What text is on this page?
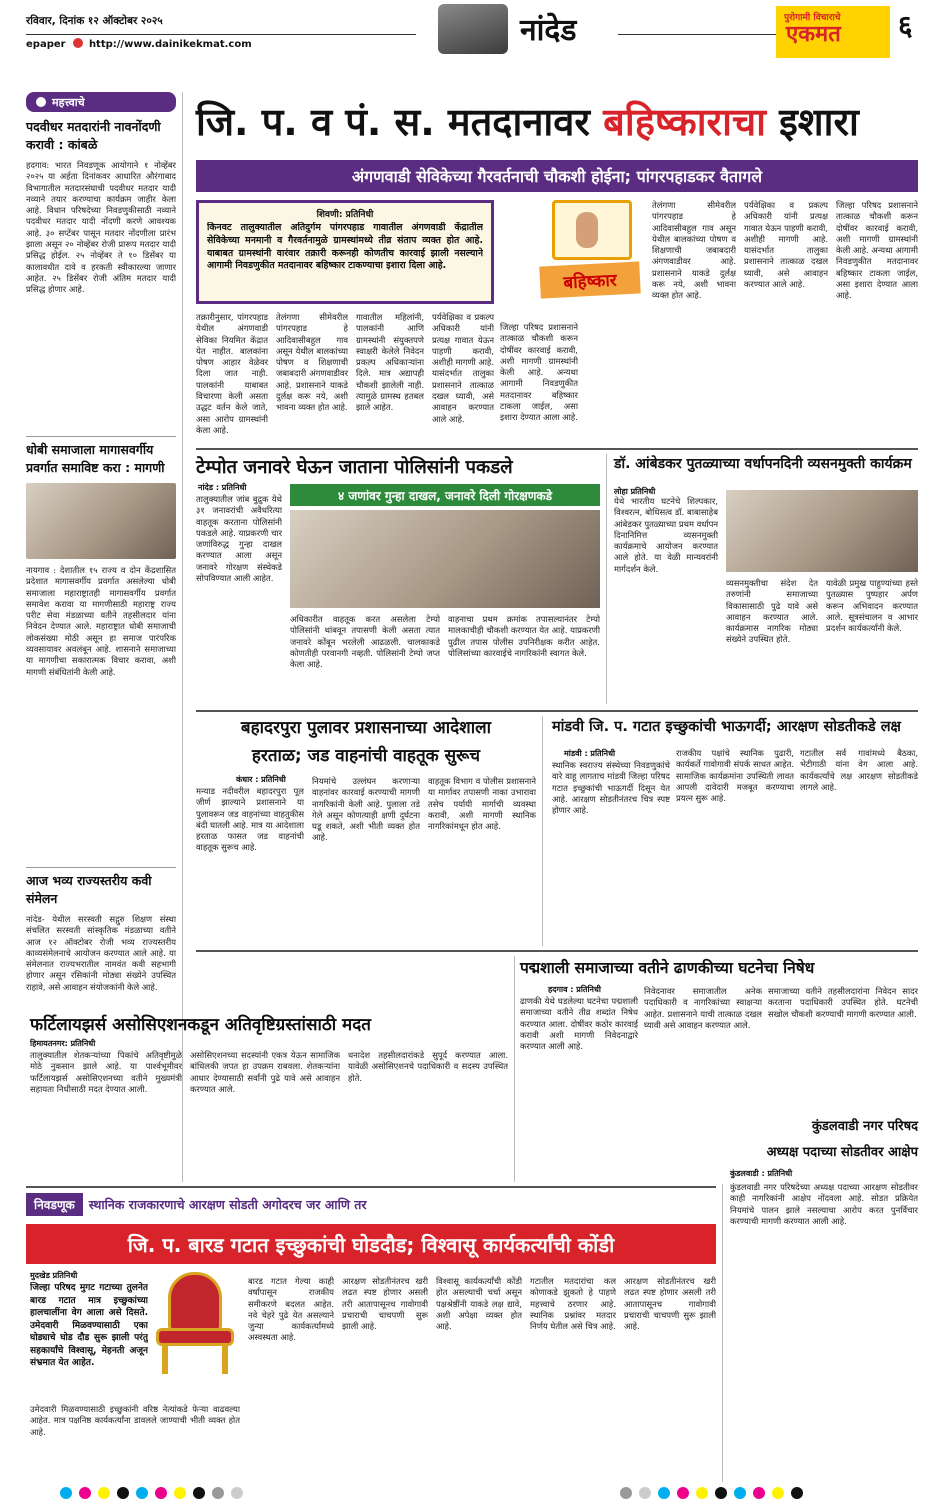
रविवार, दिनांक १२ ऑक्टोबर २०२५
epaper http://www.dainikekmat.com	नांदेड	पुरोगामी विचाराचे
एकमत	६
महत्त्वाचे
पदवीधर मतदारांनी नावनोंदणी करावी : कांबळे
हदगाव: भारत निवडणूक आयोगाने १ नोव्हेंबर २०२५ या अर्हता दिनांकवर आधारित औरंगाबाद विभागातील मतदारसंघाची पदवीधर मतदार यादी नव्याने तयार करण्याचा कार्यक्रम जाहीर केला आहे. विधान परिषदेच्या निवडणुकीसाठी नव्याने पदवीधर मतदार यादी नोंदणी करणे आवश्यक आहे. ३० सप्टेंबर पासून मतदार नोंदणीला प्रारंभ झाला असून २० नोव्हेंबर रोजी प्रारूप मतदार यादी प्रसिद्ध होईल. २५ नोव्हेंबर ते १० डिसेंबर या कालावधीत दावे व हरकती स्वीकारल्या जाणार आहेत. २५ डिसेंबर रोजी अंतिम मतदार यादी प्रसिद्ध होणार आहे.
धोबी समाजाला मागासवर्गीय प्रवर्गात समाविष्ट करा : मागणी
नायगाव : देशातील १५ राज्य व दोन केंद्रशासित प्रदेशात मागासवर्गीय प्रवर्गात असलेल्या धोबी समाजाला महाराष्ट्रातही मागासवर्गीय प्रवर्गात समावेश करावा या मागणीसाठी महाराष्ट्र राज्य परीट सेवा मंडळाच्या वतीने तहसीलदार यांना निवेदन देण्यात आले. महाराष्ट्रात धोबी समाजाची लोकसंख्या मोठी असून हा समाज पारंपरिक व्यवसायावर अवलंबून आहे. शासनाने समाजाच्या या मागणीचा सकारात्मक विचार करावा, अशी मागणी संबंधितांनी केली आहे.
आज भव्य राज्यस्तरीय कवी संमेलन
नांदेड- येथील सरस्वती सद्गुरु शिक्षण संस्था संचलित सरस्वती सांस्कृतिक मंडळाच्या वतीने आज १२ ऑक्टोबर रोजी भव्य राज्यस्तरीय काव्यसंमेलनाचे आयोजन करण्यात आले आहे. या संमेलनात राज्यभरातील नामवंत कवी सहभागी होणार असून रसिकांनी मोठ्या संख्येने उपस्थित राहावे, असे आवाहन संयोजकांनी केले आहे.
जि. प. व पं. स. मतदानावर बहिष्काराचा इशारा
अंगणवाडी सेविकेच्या गैरवर्तनाची चौकशी होईना; पांगरपहाडकर वैतागले
शिवणी: प्रतिनिधी
किनवट तालुक्यातील अतिदुर्गम पांगरपहाड गावातील अंगणवाडी केंद्रातील सेविकेच्या मनमानी व गैरवर्तनामुळे ग्रामस्थांमध्ये तीव्र संताप व्यक्त होत आहे. याबाबत ग्रामस्थांनी वारंवार तक्रारी करूनही कोणतीच कारवाई झाली नसल्याने आगामी निवडणुकीत मतदानावर बहिष्कार टाकण्याचा इशारा दिला आहे.
बहिष्कार
तक्रारीनुसार, पांगरपहाड येथील अंगणवाडी सेविका नियमित केंद्रात येत नाहीत. बालकांना पोषण आहार वेळेवर दिला जात नाही. पालकांनी याबाबत विचारणा केली असता उद्धट वर्तन केले जाते, असा आरोप ग्रामस्थांनी केला आहे.
तेलंगणा सीमेवरील पांगरपहाड हे आदिवासीबहुल गाव असून येथील बालकांच्या पोषण व शिक्षणाची जबाबदारी अंगणवाडीवर आहे. प्रशासनाने याकडे दुर्लक्ष करू नये, अशी भावना व्यक्त होत आहे.
गावातील महिलांनी, पालकांनी आणि ग्रामस्थांनी संयुक्तपणे स्वाक्षरी केलेले निवेदन प्रकल्प अधिकाऱ्यांना दिले. मात्र अद्यापही चौकशी झालेली नाही. त्यामुळे ग्रामस्थ हतबल झाले आहेत.
पर्यवेक्षिका व प्रकल्प अधिकारी यांनी प्रत्यक्ष गावात येऊन पाहणी करावी, अशीही मागणी आहे. यासंदर्भात तालुका प्रशासनाने तात्काळ दखल घ्यावी, असे आवाहन करण्यात आले आहे.
जिल्हा परिषद प्रशासनाने तात्काळ चौकशी करून दोषींवर कारवाई करावी, अशी मागणी ग्रामस्थांनी केली आहे. अन्यथा आगामी निवडणुकीत मतदानावर बहिष्कार टाकला जाईल, असा इशारा देण्यात आला आहे.
तेलंगणा सीमेवरील पांगरपहाड हे आदिवासीबहुल गाव असून येथील बालकांच्या पोषण व शिक्षणाची जबाबदारी अंगणवाडीवर आहे. प्रशासनाने याकडे दुर्लक्ष करू नये, अशी भावना व्यक्त होत आहे.
पर्यवेक्षिका व प्रकल्प अधिकारी यांनी प्रत्यक्ष गावात येऊन पाहणी करावी, अशीही मागणी आहे. यासंदर्भात तालुका प्रशासनाने तात्काळ दखल घ्यावी, असे आवाहन करण्यात आले आहे.
जिल्हा परिषद प्रशासनाने तात्काळ चौकशी करून दोषींवर कारवाई करावी, अशी मागणी ग्रामस्थांनी केली आहे. अन्यथा आगामी निवडणुकीत मतदानावर बहिष्कार टाकला जाईल, असा इशारा देण्यात आला आहे.
टेम्पोत जनावरे घेऊन जाताना पोलिसांनी पकडले
नांदेड : प्रतिनिधी
४ जणांवर गुन्हा दाखल, जनावरे दिली गोरक्षणकडे
तालुक्यातील जांब बुद्रुक येथे ३१ जनावरांची अवैधरित्या वाहतूक करताना पोलिसांनी पकडले आहे. याप्रकरणी चार जणांविरुद्ध गुन्हा दाखल करण्यात आला असून जनावरे गोरक्षण संस्थेकडे सोपविण्यात आली आहेत.
अधिकारीत वाहतूक करत असलेला टेम्पो पोलिसांनी थांबवून तपासणी केली असता त्यात जनावरे कोंबून भरलेली आढळली. चालकाकडे कोणतीही परवानगी नव्हती. पोलिसांनी टेम्पो जप्त केला आहे.
वाहनाचा प्रथम क्रमांक तपासल्यानंतर टेम्पो मालकाचीही चौकशी करण्यात येत आहे. याप्रकरणी पुढील तपास पोलीस उपनिरीक्षक करीत आहेत. पोलिसांच्या कारवाईचे नागरिकांनी स्वागत केले.
येथे भारतीय घटनेचे शिल्पकार, विश्वरत्न, बोधिसत्व डॉ. बाबासाहेब आंबेडकर पुतळ्याच्या प्रथम वर्धापन दिनानिमित्त व्यसनमुक्ती कार्यक्रमाचे आयोजन करण्यात आले होते. या वेळी मान्यवरांनी मार्गदर्शन केले.
डॉ. आंबेडकर पुतळ्याच्या वर्धापनदिनी व्यसनमुक्ती कार्यक्रम
लोहा प्रतिनिधी
व्यसनमुक्तीचा संदेश देत तरुणांनी समाजाच्या विकासासाठी पुढे यावे असे आवाहन करण्यात आले. कार्यक्रमास नागरिक मोठ्या संख्येने उपस्थित होते.
यावेळी प्रमुख पाहुण्यांच्या हस्ते पुतळ्यास पुष्पहार अर्पण करून अभिवादन करण्यात आले. सूत्रसंचालन व आभार प्रदर्शन कार्यकर्त्यांनी केले.
बहादरपुरा पुलावर प्रशासनाच्या आदेशाला
हरताळ; जड वाहनांची वाहतूक सुरूच
कंधार : प्रतिनिधी
मन्याड नदीवरील बहादरपुरा पूल जीर्ण झाल्याने प्रशासनाने या पुलावरून जड वाहनांच्या वाहतुकीस बंदी घातली आहे. मात्र या आदेशाला हरताळ फासत जड वाहनांची वाहतूक सुरूच आहे.
नियमांचे उल्लंघन करणाऱ्या वाहनांवर कारवाई करण्याची मागणी नागरिकांनी केली आहे. पुलाला तडे गेले असून कोणत्याही क्षणी दुर्घटना घडू शकते, अशी भीती व्यक्त होत आहे.
वाहतूक विभाग व पोलीस प्रशासनाने या मार्गावर तपासणी नाका उभारावा तसेच पर्यायी मार्गाची व्यवस्था करावी, अशी मागणी स्थानिक नागरिकांमधून होत आहे.
मांडवी जि. प. गटात इच्छुकांची भाऊगर्दी; आरक्षण सोडतीकडे लक्ष
मांडवी : प्रतिनिधी
स्थानिक स्वराज्य संस्थेच्या निवडणुकांचे वारे वाहू लागताच मांडवी जिल्हा परिषद गटात इच्छुकांची भाऊगर्दी दिसून येत आहे. आरक्षण सोडतीनंतरच चित्र स्पष्ट होणार आहे.
राजकीय पक्षांचे स्थानिक पुढारी, कार्यकर्ते गावोगावी संपर्क साधत आहेत. सामाजिक कार्यक्रमांना उपस्थिती लावत आपली दावेदारी मजबूत करण्याचा प्रयत्न सुरू आहे.
गटातील सर्व गावांमध्ये बैठका, भेटीगाठी यांना वेग आला आहे. कार्यकर्त्यांचे लक्ष आरक्षण सोडतीकडे लागले आहे.
पद्मशाली समाजाच्या वतीने ढाणकीच्या घटनेचा निषेध
हदगाव : प्रतिनिधी
ढाणकी येथे घडलेल्या घटनेचा पद्मशाली समाजाच्या वतीने तीव्र शब्दांत निषेध करण्यात आला. दोषींवर कठोर कारवाई करावी अशी मागणी निवेदनाद्वारे करण्यात आली आहे.
निवेदनावर समाजातील अनेक पदाधिकारी व नागरिकांच्या स्वाक्षऱ्या आहेत. प्रशासनाने याची तात्काळ दखल घ्यावी असे आवाहन करण्यात आले.
समाजाच्या वतीने तहसीलदारांना निवेदन सादर करताना पदाधिकारी उपस्थित होते. घटनेची सखोल चौकशी करण्याची मागणी करण्यात आली.
फर्टिलायझर्स असोसिएशनकडून अतिवृष्टिग्रस्तांसाठी मदत
हिमायतनगर: प्रतिनिधी
तालुक्यातील शेतकऱ्यांच्या पिकांचे अतिवृष्टीमुळे मोठे नुकसान झाले आहे. या पार्श्वभूमीवर फर्टिलायझर्स असोसिएशनच्या वतीने मुख्यमंत्री सहायता निधीसाठी मदत देण्यात आली.
असोसिएशनच्या सदस्यांनी एकत्र येऊन सामाजिक बांधिलकी जपत हा उपक्रम राबवला. शेतकऱ्यांना आधार देण्यासाठी सर्वांनी पुढे यावे असे आवाहन करण्यात आले.
धनादेश तहसीलदारांकडे सुपूर्द करण्यात आला. यावेळी असोसिएशनचे पदाधिकारी व सदस्य उपस्थित होते.
कुंडलवाडी नगर परिषद
अध्यक्ष पदाच्या सोडतीवर आक्षेप
कुंडलवाडी : प्रतिनिधी
कुंडलवाडी नगर परिषदेच्या अध्यक्ष पदाच्या आरक्षण सोडतीवर काही नागरिकांनी आक्षेप नोंदवला आहे. सोडत प्रक्रियेत नियमांचे पालन झाले नसल्याचा आरोप करत पुनर्विचार करण्याची मागणी करण्यात आली आहे.
निवडणूक	स्थानिक राजकारणाचे आरक्षण सोडती अगोदरच जर आणि तर
जि. प. बारड गटात इच्छुकांची घोडदौड; विश्वासू कार्यकर्त्यांची कोंडी
मुदखेड प्रतिनिधी
जिल्हा परिषद मुगट गटाच्या तुलनेत बारड गटात मात्र इच्छुकांच्या हालचालींना वेग आला असे दिसते. उमेदवारी मिळवण्यासाठी एका घोड्याचे घोड दौड सुरू झाली परंतु सहकार्यांचे विश्वासू, मेहनती अजून संभ्रमात येत आहेत.
उमेदवारी मिळवण्यासाठी इच्छुकांनी वरिष्ठ नेत्यांकडे फेऱ्या वाढवल्या आहेत. मात्र पक्षनिष्ठ कार्यकर्त्यांना डावलले जाण्याची भीती व्यक्त होत आहे.
बारड गटात गेल्या काही वर्षांपासून राजकीय समीकरणे बदलत आहेत. नवे चेहरे पुढे येत असल्याने जुन्या कार्यकर्त्यांमध्ये अस्वस्थता आहे.
आरक्षण सोडतीनंतरच खरी लढत स्पष्ट होणार असली तरी आतापासूनच गावोगावी प्रचाराची चाचपणी सुरू झाली आहे.
विश्वासू कार्यकर्त्यांची कोंडी होत असल्याची चर्चा असून पक्षश्रेष्ठींनी याकडे लक्ष द्यावे, अशी अपेक्षा व्यक्त होत आहे.
गटातील मतदारांचा कल कोणाकडे झुकतो हे पाहणे महत्त्वाचे ठरणार आहे. स्थानिक प्रश्नांवर मतदार निर्णय घेतील असे चित्र आहे.
आरक्षण सोडतीनंतरच खरी लढत स्पष्ट होणार असली तरी आतापासूनच गावोगावी प्रचाराची चाचपणी सुरू झाली आहे.
